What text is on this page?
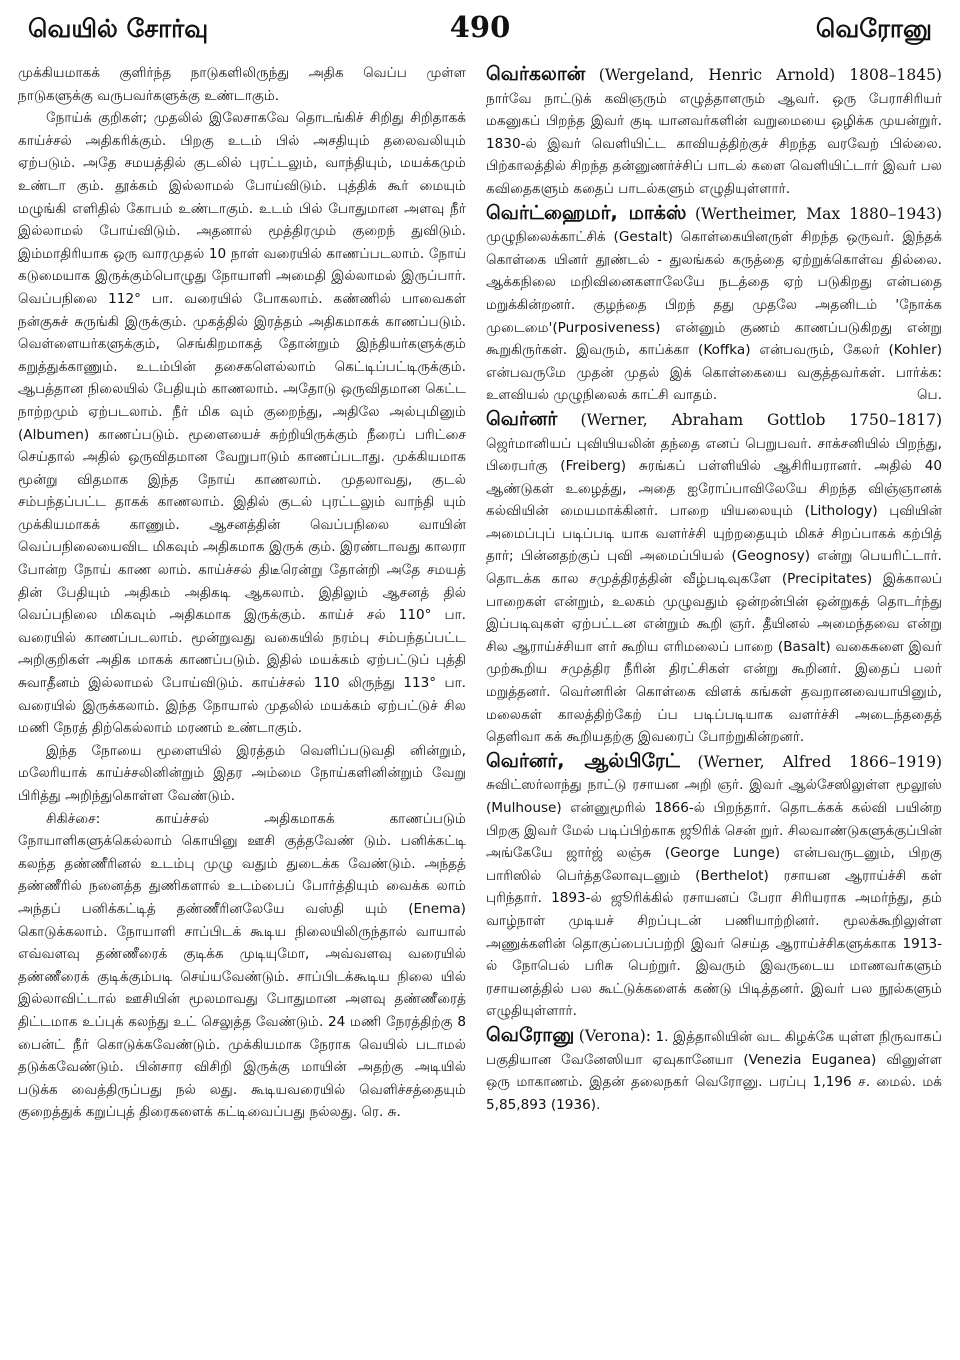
வெயில் சோர்வு	490	வெரோனு

முக்கியமாகக் குளிர்ந்த நாடுகளிலிருந்து அதிக வெப்ப முள்ள நாடுகளுக்கு வருபவர்களுக்கு உண்டாகும்.

நோய்க் குறிகள்; முதலில் இலேசாகவே தொடங்கிச் சிறிது சிறிதாகக் காய்ச்சல் அதிகரிக்கும். பிறகு உடம் பில் அசதியும் தலைவலியும் ஏற்படும். அதே சமயத்தில் குடலில் புரட்டலும், வாந்தியும், மயக்கமும் உண்டா கும். தூக்கம் இல்லாமல் போய்விடும். புத்திக் கூர் மையும் மழுங்கி எளிதில் கோபம் உண்டாகும். உடம் பில் போதுமான அளவு நீர் இல்லாமல் போய்விடும். அதனால் மூத்திரமும் குறைந் துவிடும். இம்மாதிரியாக ஒரு வாரமுதல் 10 நாள் வரையில் காணப்படலாம். நோய் கடுமையாக இருக்கும்பொழுது நோயாளி அமைதி இல்லாமல் இருப்பார். வெப்பநிலை 112° பா. வரையில் போகலாம். கண்ணில் பாவைகள் நன்குசுச் சுருங்கி இருக்கும். முகத்தில் இரத்தம் அதிகமாகக் காணப்படும். வெள்ளையர்களுக்கும், செங்கிறமாகத் தோன்றும் இந்தியர்களுக்கும் கறுத்துக்காணும். உடம்பின் தசைகளெல்லாம் கெட்டிப்பட்டிருக்கும். ஆபத்தான நிலையில் பேதியும் காணலாம். அதோடு ஒருவிதமான கெட்ட நாற்றமும் ஏற்படலாம். நீர் மிக வும் குறைந்து, அதிலே அல்புமினும் (Albumen) காணப்படும். மூளையைச் சுற்றியிருக்கும் நீரைப் பரிட்சை செய்தால் அதில் ஒருவிதமான வேறுபாடும் காணப்படாது. முக்கியமாக மூன்று விதமாக இந்த நோய் காணலாம். முதலாவது, குடல் சம்பந்தப்பட்ட தாகக் காணலாம். இதில் குடல் புரட்டலும் வாந்தி யும் முக்கியமாகக் காணும். ஆசனத்தின் வெப்பநிலை வாயின் வெப்பநிலையைவிட மிகவும் அதிகமாக இருக் கும். இரண்டாவது காலரா போன்ற நோய் காண லாம். காய்ச்சல் திடீரென்று தோன்றி அதே சமயத் தின் பேதியும் அதிகம் அதிகடி ஆகலாம். இதிலும் ஆசனத் தில் வெப்பநிலை மிகவும் அதிகமாக இருக்கும். காய்ச் சல் 110° பா. வரையில் காணப்படலாம். மூன்றுவது வகையில் நரம்பு சம்பந்தப்பட்ட அறிகுறிகள் அதிக மாகக் காணப்படும். இதில் மயக்கம் ஏற்பட்டுப் புத்தி சுவாதீனம் இல்லாமல் போய்விடும். காய்ச்சல் 110 லிருந்து 113° பா. வரையில் இருக்கலாம். இந்த நோயால் முதலில் மயக்கம் ஏற்பட்டுச் சில மணி நேரத் திற்கெல்லாம் மரணம் உண்டாகும்.

இந்த நோயை மூளையில் இரத்தம் வெளிப்படுவதி னின்றும், மலேரியாக் காய்ச்சலினின்றும் இதர அம்மை நோய்களினின்றும் வேறு பிரித்து அறிந்துகொள்ள வேண்டும்.

சிகிச்சை: காய்ச்சல் அதிகமாகக் காணப்படும் நோயாளிகளுக்கெல்லாம் கொயினு ஊசி குத்தவேண் டும். பனிக்கட்டி கலந்த தண்ணீரினல் உடம்பு முழு வதும் துடைக்க வேண்டும். அந்தத் தண்ணீரில் நனைத்த துணிகளால் உடம்பைப் போர்த்தியும் வைக்க லாம் அந்தப் பனிக்கட்டித் தண்ணீரினலேயே வஸ்தி யும் (Enema) கொடுக்கலாம். நோயாளி சாப்பிடக் கூடிய நிலையிலிருந்தால் வாயால் எவ்வளவு தண்ணீரைக் குடிக்க முடியுமோ, அவ்வளவு வரையில் தண்ணீரைக் குடிக்கும்படி செய்யவேண்டும். சாப்பிடக்கூடிய நிலை யில் இல்லாவிட்டால் ஊசியின் மூலமாவது போதுமான அளவு தண்ணீரைத் திட்டமாக உப்புக் கலந்து உட் செலுத்த வேண்டும். 24 மணி நேரத்திற்கு 8 பைன்ட் நீர் கொடுக்கவேண்டும். முக்கியமாக நேராக வெயில் படாமல் தடுக்கவேண்டும். பின்சார விசிறி இருக்கு மாயின் அதற்கு அடியில் படுக்க வைத்திருப்பது நல் லது. கூடியவரையில் வெளிச்சத்தையும் குறைத்துக் கறுப்புத் திரைகளைக் கட்டிவைப்பது நல்லது. ரெ. சு.

வெர்கலான் (Wergeland, Henric Arnold) 1808–1845) நார்வே நாட்டுக் கவிஞரும் எழுத்தாளரும் ஆவர். ஒரு பேராசிரியர் மகனுகப் பிறந்த இவர் குடி யானவர்களின் வறுமையை ஒழிக்க முயன்றுர். 1830-ல் இவர் வெளியிட்ட காவியத்திற்குச் சிறந்த வரவேற் பில்லை. பிற்காலத்தில் சிறந்த தன்னுணர்ச்சிப் பாடல் களை வெளியிட்டார் இவர் பல கவிதைகளும் கதைப் பாடல்களும் எழுதியுள்ளார்.

வெர்ட்ஹைமர், மாக்ஸ் (Wertheimer, Max 1880–1943) முழுநிலைக்காட்சிக் (Gestalt) கொள்கையினருள் சிறந்த ஒருவர். இந்தக் கொள்கை யினர் தூண்டல் - துலங்கல் கருத்தை ஏற்றுக்கொள்வ தில்லை. ஆக்கநிலை மறிவினைகளாலேயே நடத்தை ஏற் படுகிறது என்பதை மறுக்கின்றனர். குழந்தை பிறந் தது முதலே அதனிடம் 'நோக்க முடைமை'(Purposiveness) என்னும் குணம் காணப்படுகிறது என்று கூறுகிருர்கள். இவரும், காப்க்கா (Koffka) என்பவரும், கேலர் (Kohler) என்பவருமே முதன் முதல் இக் கொள்கையை வகுத்தவர்கள். பார்க்க: உளவியல் முழுநிலைக் காட்சி வாதம்.	பெ.

வெர்னர் (Werner, Abraham Gottlob 1750–1817) ஜெர்மானியப் புவியியலின் தந்தை எனப் பெறுபவர். சாக்சனியில் பிறந்து, பிரைபர்கு (Freiberg) சுரங்கப் பள்ளியில் ஆசிரியரானர். அதில் 40 ஆண்டுகள் உழைத்து, அதை ஐரோப்பாவிலேயே சிறந்த விஞ்ஞானக் கல்வியின் மையமாக்கினர். பாறை யியலையும் (Lithology) புவியின் அமைப்புப் படிப்படி யாக வளர்ச்சி யுற்றதையும் மிகச் சிறப்பாகக் கற்பித் தார்; பின்னதற்குப் புவி அமைப்பியல் (Geognosy) என்று பெயரிட்டார். தொடக்க கால சமுத்திரத்தின் வீழ்படிவுகளே (Precipitates) இக்காலப் பாறைகள் என்றும், உலகம் முழுவதும் ஒன்றன்பின் ஒன்றுகத் தொடர்ந்து இப்படிவுகள் ஏற்பட்டன என்றும் கூறி ஞர். தீயினல் அமைந்தவை என்று சில ஆராய்ச்சியா ளர் கூறிய எரிமலைப் பாறை (Basalt) வகைகளை இவர் முற்கூறிய சமுத்திர நீரின் திரட்சிகள் என்று கூறினர். இதைப் பலர் மறுத்தனர். வெர்னரின் கொள்கை விளக் கங்கள் தவறானவையாயினும், மலைகள் காலத்திற்கேற் ப்ப படிப்படியாக வளர்ச்சி அடைந்ததைத் தெளிவா கக் கூறியதற்கு இவரைப் போற்றுகின்றனர்.

வெர்னர், ஆல்பிரேட் (Werner, Alfred 1866–1919) சுவிட்ஸர்லாந்து நாட்டு ரசாயன அறி ஞர். இவர் ஆல்சேஸிலுள்ள மூலூஸ் (Mulhouse) என்னுமூரில் 1866-ல் பிறந்தார். தொடக்கக் கல்வி பயின்ற பிறகு இவர் மேல் படிப்பிற்காக ஜூரிக் சென் றுர். சிலவாண்டுகளுக்குப்பின் அங்கேயே ஜார்ஜ் லஞ்சு (George Lunge) என்பவருடனும், பிறகு பாரிஸில் பெர்த்தலோவுடனும் (Berthelot) ரசாயன ஆராய்ச்சி கள் புரிந்தார். 1893-ல் ஜூரிக்கில் ரசாயனப் பேரா சிரியராக அமர்ந்து, தம் வாழ்நாள் முடியச் சிறப்புடன் பணியாற்றினர். மூலக்கூறிலுள்ள அணுக்களின் தொகுப்பைப்பற்றி இவர் செய்த ஆராய்ச்சிகளுக்காக 1913-ல் நோபெல் பரிசு பெற்றுர். இவரும் இவருடைய மாணவர்களும் ரசாயனத்தில் பல கூட்டுக்களைக் கண்டு பிடித்தனர். இவர் பல நூல்களும் எழுதியுள்ளார்.

வெரோனு (Verona): 1. இத்தாலியின் வட கிழக்கே யுள்ள நிருவாகப் பகுதியான வேனேஸியா ஏவுகானேயா (Venezia Euganea) வினுள்ள ஒரு மாகாணம். இதன் தலைநகர் வெரோனு. பரப்பு 1,196 ச. மைல். மக் 5,85,893 (1936).
